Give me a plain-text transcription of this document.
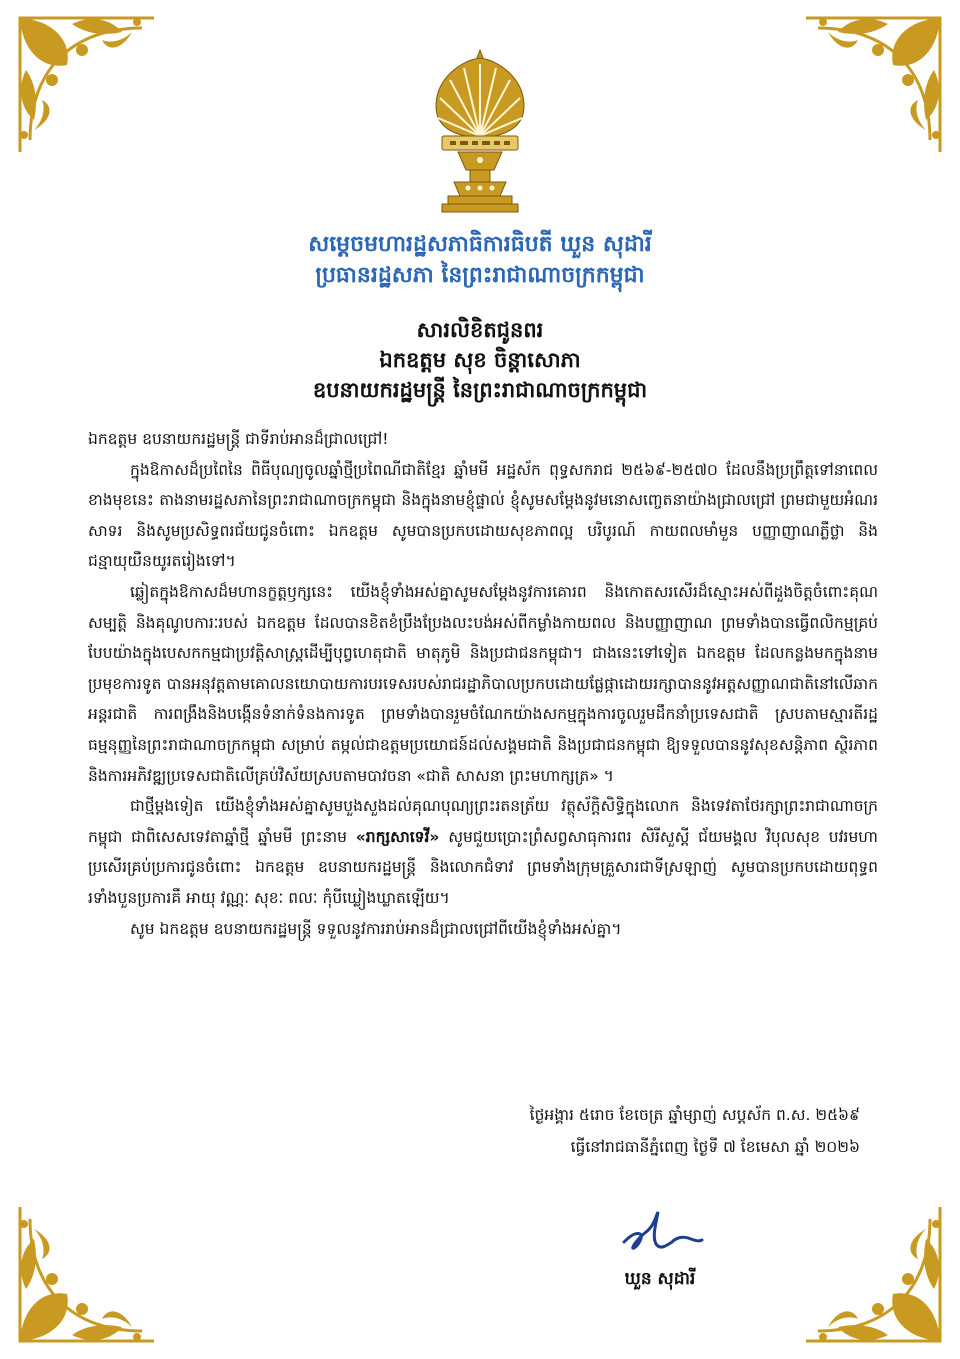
សម្តេចមហារដ្ឋសភាធិការធិបតី ឃួន សុដារី
ប្រធានរដ្ឋសភា នៃព្រះរាជាណាចក្រកម្ពុជា
សារលិខិតជូនពរ
ឯកឧត្តម សុខ ចិន្តាសោភា
ឧបនាយករដ្ឋមន្ត្រី នៃព្រះរាជាណាចក្រកម្ពុជា

ឯកឧត្តម ឧបនាយករដ្ឋមន្ត្រី ជាទីរាប់អានដ៏ជ្រាលជ្រៅ!

ក្នុងឱកាសដ៏ប្រពៃនៃ ពិធីបុណ្យចូលឆ្នាំថ្មីប្រពៃណីជាតិខ្មែរ ឆ្នាំមមី អដ្ឋស័ក ពុទ្ធសករាជ ២៥៦៩-២៥៧០ ដែលនឹងប្រព្រឹត្តទៅនាពេលខាងមុខនេះ តាងនាមរដ្ឋសភានៃព្រះរាជាណាចក្រកម្ពុជា និងក្នុងនាមខ្ញុំផ្ទាល់ ខ្ញុំសូមសម្តែងនូវមនោសញ្ចេតនាយ៉ាងជ្រាលជ្រៅ ព្រមជាមួយអំណរសាទរ និងសូមប្រសិទ្ធពរជ័យជូនចំពោះ ឯកឧត្តម សូមបានប្រកបដោយសុខភាពល្អ បរិបូរណ៍ កាយពលមាំមួន បញ្ញាញាណភ្លឺថ្លា និងជន្មាយុយឺនយូរតរៀងទៅ។

ឆ្លៀតក្នុងឱកាសដ៏មហានក្ខត្តឫក្សនេះ យើងខ្ញុំទាំងអស់គ្នាសូមសម្តែងនូវការគោរព និងកោតសរសើរដ៏ស្មោះអស់ពីដួងចិត្តចំពោះគុណសម្បត្តិ និងគុណូបការៈរបស់ ឯកឧត្តម ដែលបានខិតខំប្រឹងប្រែងលះបង់អស់ពីកម្លាំងកាយពល និងបញ្ញាញាណ ព្រមទាំងបានធ្វើពលិកម្មគ្រប់បែបយ៉ាងក្នុងបេសកកម្មជាប្រវត្តិសាស្ត្រដើម្បីបុព្វហេតុជាតិ មាតុភូមិ និងប្រជាជនកម្ពុជា។ ជាងនេះទៅទៀត ឯកឧត្តម ដែលកន្លងមកក្នុងនាមប្រមុខការទូត បានអនុវត្តតាមគោលនយោបាយការបរទេសរបស់រាជរដ្ឋាភិបាលប្រកបដោយផ្លែផ្កាដោយរក្សាបាននូវអត្តសញ្ញាណជាតិនៅលើឆាកអន្តរជាតិ ការពង្រឹងនិងបង្កើនទំនាក់ទំនងការទូត ព្រមទាំងបានរួមចំណែកយ៉ាងសកម្មក្នុងការចូលរួមដឹកនាំប្រទេសជាតិ ស្របតាមស្មារតីរដ្ឋធម្មនុញ្ញនៃព្រះរាជាណាចក្រកម្ពុជា សម្រាប់ តម្កល់ជាឧត្តមប្រយោជន៍ដល់សង្គមជាតិ និងប្រជាជនកម្ពុជា ឱ្យទទួលបាននូវសុខសន្តិភាព ស្ថិរភាព និងការអភិវឌ្ឍប្រទេសជាតិលើគ្រប់វិស័យស្របតាមបាវចនា «ជាតិ សាសនា ព្រះមហាក្សត្រ» ។

ជាថ្មីម្តងទៀត យើងខ្ញុំទាំងអស់គ្នាសូមបួងសួងដល់គុណបុណ្យព្រះរតនត្រ័យ វត្ថុស័ក្តិសិទ្ធិក្នុងលោក និងទេវតាថែរក្សាព្រះរាជាណាចក្រកម្ពុជា ជាពិសេសទេវតាឆ្នាំថ្មី ឆ្នាំមមី ព្រះនាម «រាក្សសាទេវី» សូមជួយប្រោះព្រំសព្វសាធុការពរ សិរីសួស្តី ជ័យមង្គល វិបុលសុខ បវរមហាប្រសើរគ្រប់ប្រការជូនចំពោះ ឯកឧត្តម ឧបនាយករដ្ឋមន្ត្រី និងលោកជំទាវ ព្រមទាំងក្រុមគ្រួសារជាទីស្រឡាញ់ សូមបានប្រកបដោយពុទ្ធពរទាំងបួនប្រការគឺ អាយុ វណ្ណៈ សុខៈ ពលៈ កុំបីឃ្លៀងឃ្លាតឡើយ។

សូម ឯកឧត្តម ឧបនាយករដ្ឋមន្ត្រី ទទួលនូវការរាប់អានដ៏ជ្រាលជ្រៅពីយើងខ្ញុំទាំងអស់គ្នា។

ថ្ងៃអង្គារ ៥រោច ខែចេត្រ ឆ្នាំម្សាញ់ សប្តស័ក ព.ស. ២៥៦៩
ធ្វើនៅរាជធានីភ្នំពេញ ថ្ងៃទី ៧ ខែមេសា ឆ្នាំ ២០២៦
ឃួន សុដារី
